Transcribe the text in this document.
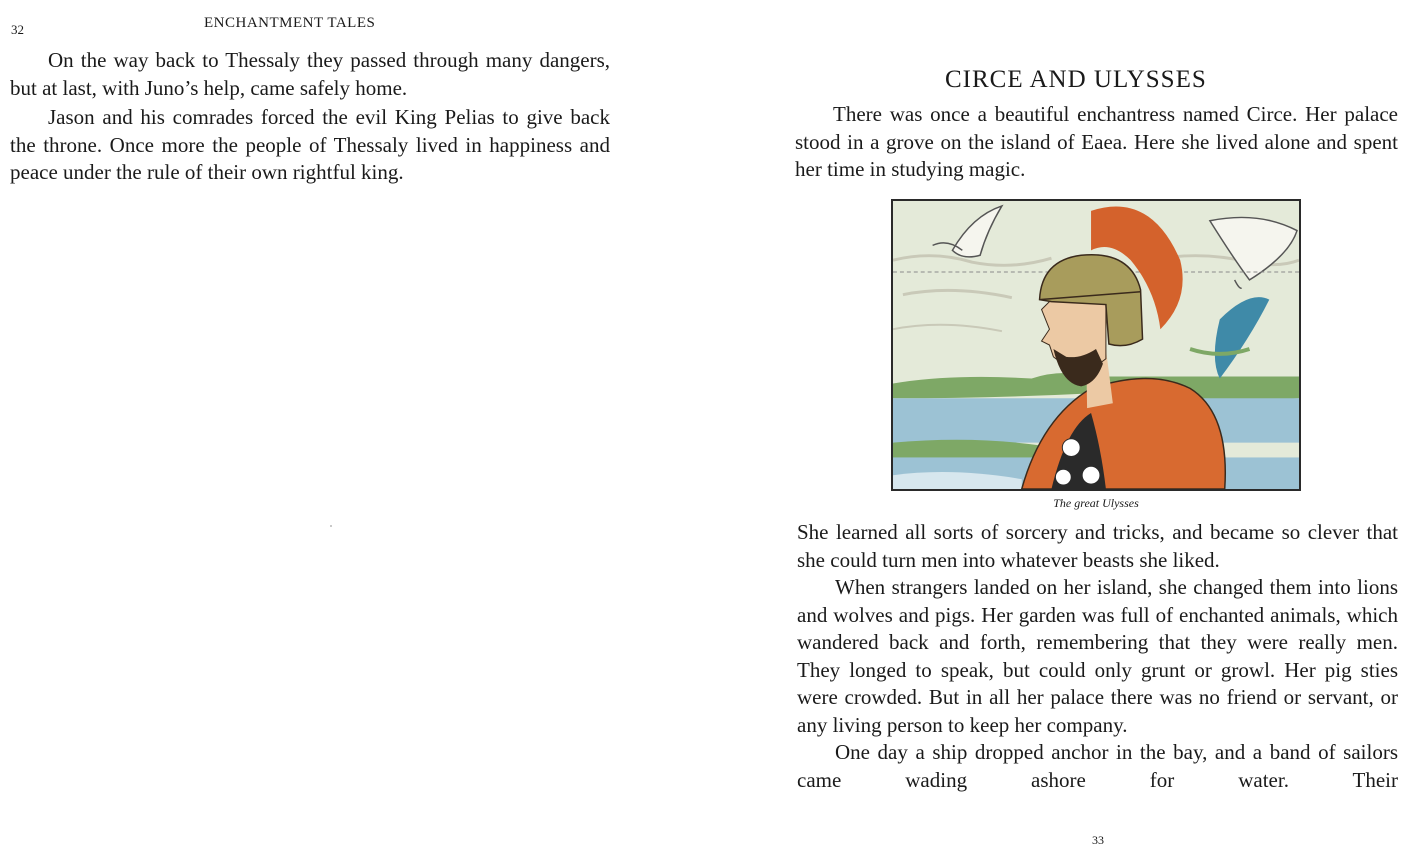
32	ENCHANTMENT TALES

On the way back to Thessaly they passed through many dangers, but at last, with Juno’s help, came safely home.

Jason and his comrades forced the evil King Pelias to give back the throne. Once more the people of Thessaly lived in happiness and peace under the rule of their own rightful king.

CIRCE AND ULYSSES

There was once a beautiful enchantress named Circe. Her palace stood in a grove on the island of Eaea. Here she lived alone and spent her time in studying magic.

The great Ulysses

She learned all sorts of sorcery and tricks, and became so clever that she could turn men into whatever beasts she liked.

When strangers landed on her island, she changed them into lions and wolves and pigs. Her garden was full of enchanted animals, which wandered back and forth, remembering that they were really men. They longed to speak, but could only grunt or growl. Her pig sties were crowded. But in all her palace there was no friend or servant, or any living person to keep her company.

One day a ship dropped anchor in the bay, and a band of sailors came wading ashore for water. Their

33
